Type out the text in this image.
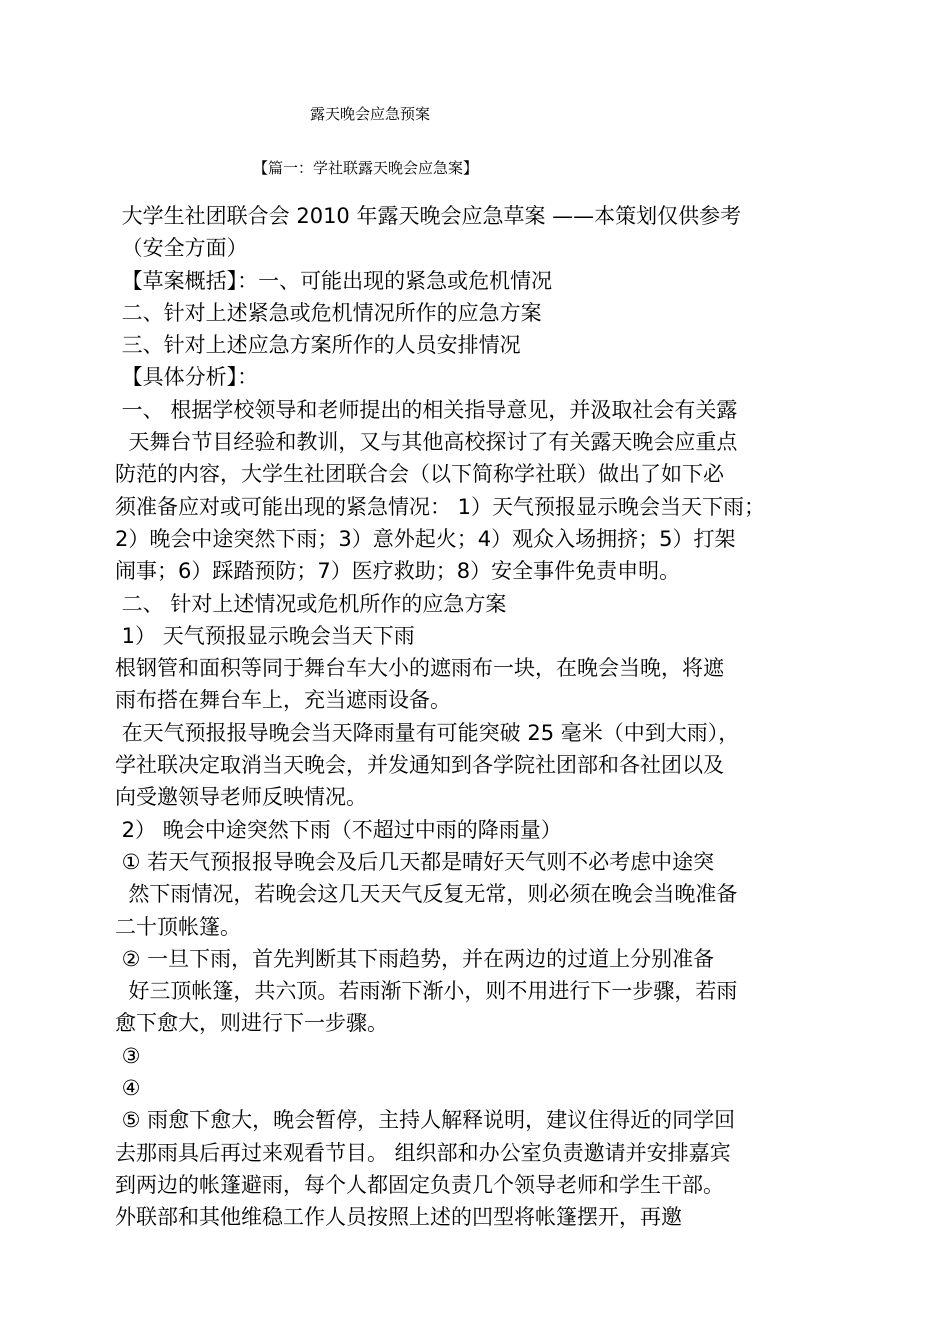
露天晚会应急预案
【篇一：学社联露天晚会应急案】
大学生社团联合会 2010 年露天晚会应急草案 ——本策划仅供参考
（安全方面）
【草案概括】：一、可能出现的紧急或危机情况
二、针对上述紧急或危机情况所作的应急方案
三、针对上述应急方案所作的人员安排情况
【具体分析】：
一、 根据学校领导和老师提出的相关指导意见，并汲取社会有关露
天舞台节目经验和教训，又与其他高校探讨了有关露天晚会应重点
防范的内容，大学生社团联合会（以下简称学社联）做出了如下必
须准备应对或可能出现的紧急情况： 1）天气预报显示晚会当天下雨；
2）晚会中途突然下雨；3）意外起火；4）观众入场拥挤；5）打架
闹事；6）踩踏预防；7）医疗救助；8）安全事件免责申明。
二、 针对上述情况或危机所作的应急方案
1） 天气预报显示晚会当天下雨
根钢管和面积等同于舞台车大小的遮雨布一块，在晚会当晚，将遮
雨布搭在舞台车上，充当遮雨设备。
在天气预报报导晚会当天降雨量有可能突破 25 毫米（中到大雨），
学社联决定取消当天晚会，并发通知到各学院社团部和各社团以及
向受邀领导老师反映情况。
2） 晚会中途突然下雨（不超过中雨的降雨量）
① 若天气预报报导晚会及后几天都是晴好天气则不必考虑中途突
然下雨情况，若晚会这几天天气反复无常，则必须在晚会当晚准备
二十顶帐篷。
② 一旦下雨，首先判断其下雨趋势，并在两边的过道上分别准备
好三顶帐篷，共六顶。若雨渐下渐小，则不用进行下一步骤，若雨
愈下愈大，则进行下一步骤。
③
④
⑤ 雨愈下愈大，晚会暂停，主持人解释说明，建议住得近的同学回
去那雨具后再过来观看节目。 组织部和办公室负责邀请并安排嘉宾
到两边的帐篷避雨，每个人都固定负责几个领导老师和学生干部。
外联部和其他维稳工作人员按照上述的凹型将帐篷摆开，再邀
